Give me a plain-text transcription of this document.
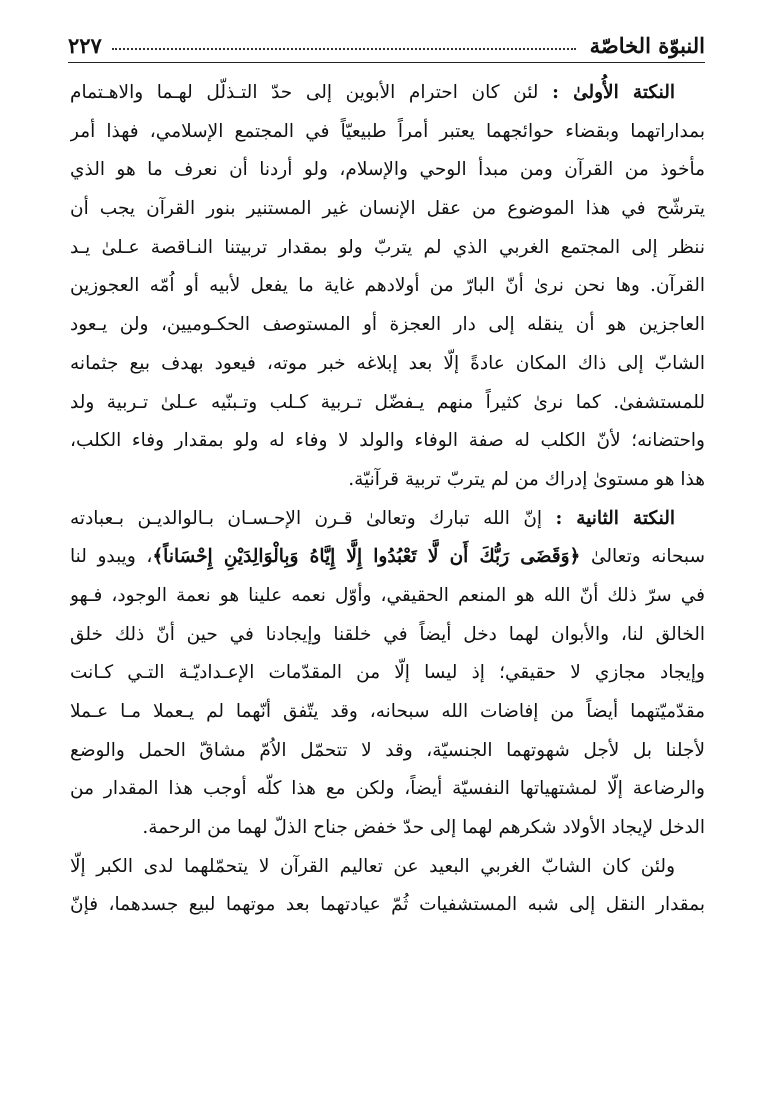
النبوّة الخاصّة
٢٢٧
النكتة الأُولىٰ : لئن كان احترام الأبوين إلى حدّ التـذلّل لهـما والاهـتمام
بمداراتهما وبقضاء حوائجهما يعتبر أمراً طبيعيّاً في المجتمع الإسلامي، فهذا أمر
مأخوذ من القرآن ومن مبدأ الوحي والإسلام، ولو أردنا أن نعرف ما هو الذي
يترشّح في هذا الموضوع من عقل الإنسان غير المستنير بنور القرآن يجب أن
ننظر إلى المجتمع الغربي الذي لم يتربّ ولو بمقدار تربيتنا النـاقصة عـلىٰ يـد
القرآن. وها نحن نرىٰ أنّ البارّ من أولادهم غاية ما يفعل لأبيه أو اُمّه العجوزين
العاجزين هو أن ينقله إلى دار العجزة أو المستوصف الحكـوميين، ولن يـعود
الشابّ إلى ذاك المكان عادةً إلّا بعد إبلاغه خبر موته، فيعود بهدف بيع جثمانه
للمستشفىٰ. كما نرىٰ كثيراً منهم يـفضّل تـربية كـلب وتـبنّيه عـلىٰ تـربية ولد
واحتضانه؛ لأنّ الكلب له صفة الوفاء والولد لا وفاء له ولو بمقدار وفاء الكلب،
هذا هو مستوىٰ إدراك من لم يتربّ تربية قرآنيّة.
النكتة الثانية : إنّ الله تبارك وتعالىٰ قـرن الإحـسـان بـالوالديـن بـعبادته
سبحانه وتعالىٰ ﴿وَقَضَى رَبُّكَ أَن لَّا تَعْبُدُوا إِلَّا إِيَّاهُ وَبِالْوَالِدَيْنِ إِحْسَاناً﴾، ويبدو لنا
في سرّ ذلك أنّ الله هو المنعم الحقيقي، وأوّل نعمه علينا هو نعمة الوجود، فـهو
الخالق لنا، والأبوان لهما دخل أيضاً في خلقنا وإيجادنا في حين أنّ ذلك خلق
وإيجاد مجازي لا حقيقي؛ إذ ليسا إلّا من المقدّمات الإعـداديّـة التـي كـانت
مقدّميّتهما أيضاً من إفاضات الله سبحانه، وقد يتّفق أنّهما لم يـعملا مـا عـملا
لأجلنا بل لأجل شهوتهما الجنسيّة، وقد لا تتحمّل الاُمّ مشاقّ الحمل والوضع
والرضاعة إلّا لمشتهياتها النفسيّة أيضاً، ولكن مع هذا كلّه أوجب هذا المقدار من
الدخل لإيجاد الأولاد شكرهم لهما إلى حدّ خفض جناح الذلّ لهما من الرحمة.
ولئن كان الشابّ الغربي البعيد عن تعاليم القرآن لا يتحمّلهما لدى الكبر إلّا
بمقدار النقل إلى شبه المستشفيات ثُمّ عيادتهما بعد موتهما لبيع جسدهما، فإنّ
